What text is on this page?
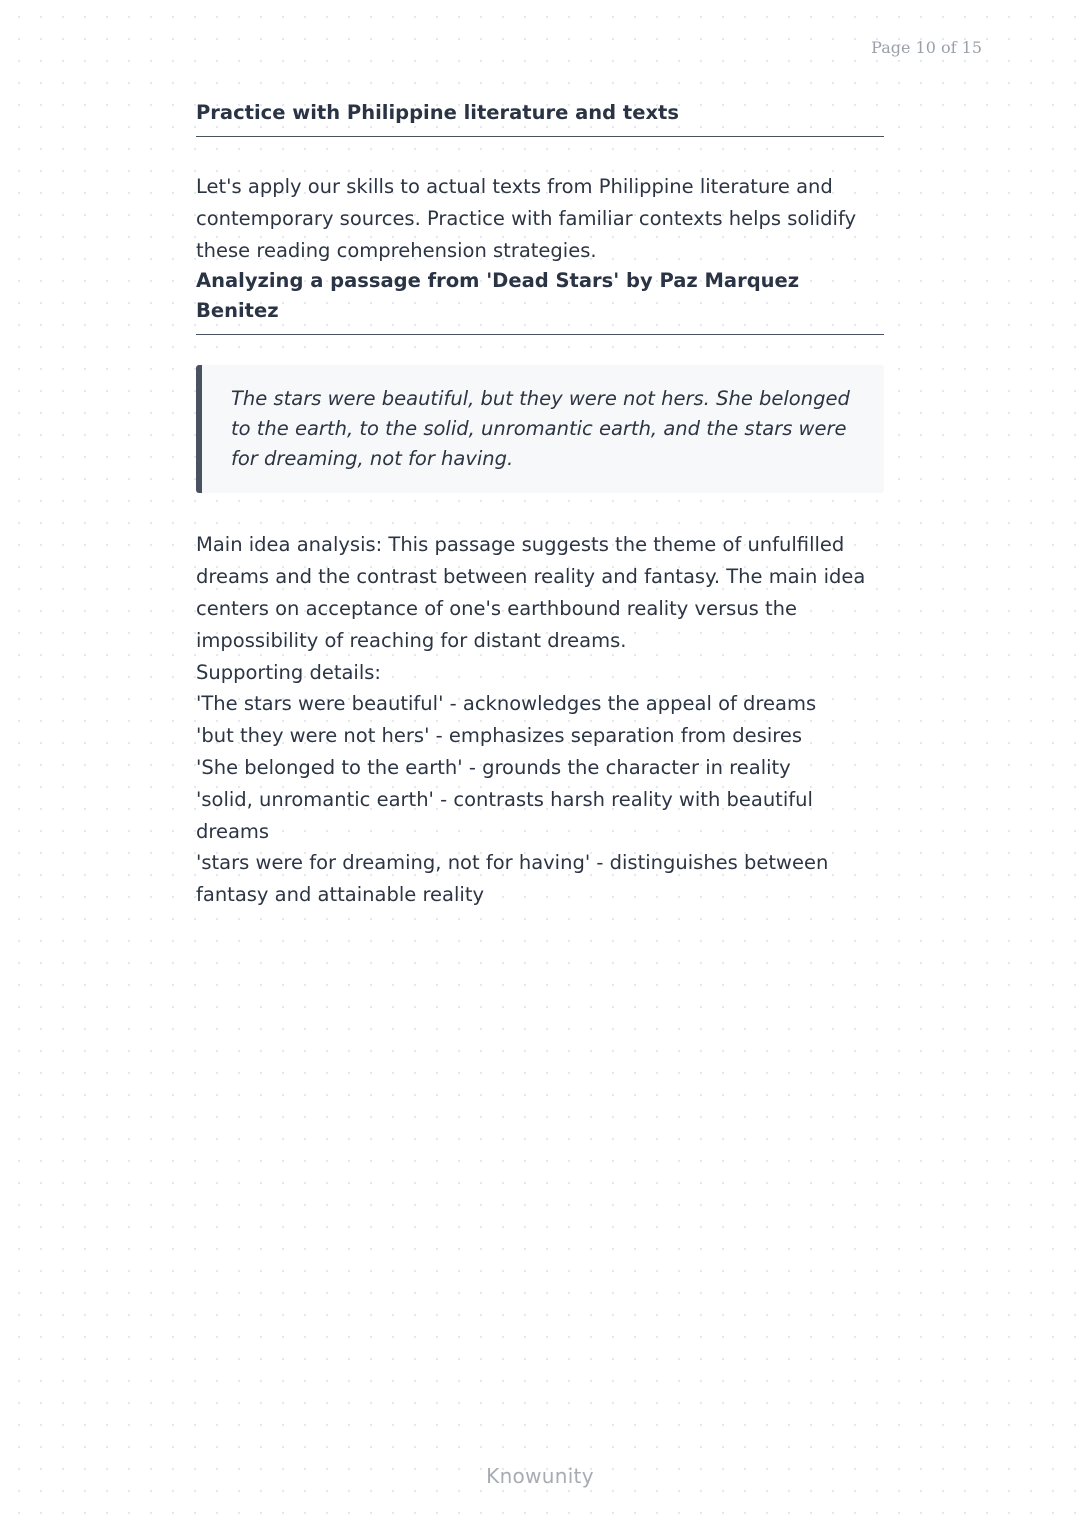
Page 10 of 15
Practice with Philippine literature and texts

Let's apply our skills to actual texts from Philippine literature and contemporary sources. Practice with familiar contexts helps solidify these reading comprehension strategies.

Analyzing a passage from 'Dead Stars' by Paz Marquez Benitez

The stars were beautiful, but they were not hers. She belonged to the earth, to the solid, unromantic earth, and the stars were for dreaming, not for having.

Main idea analysis: This passage suggests the theme of unfulfilled dreams and the contrast between reality and fantasy. The main idea centers on acceptance of one's earthbound reality versus the impossibility of reaching for distant dreams.

Supporting details:

'The stars were beautiful' - acknowledges the appeal of dreams

'but they were not hers' - emphasizes separation from desires

'She belonged to the earth' - grounds the character in reality

'solid, unromantic earth' - contrasts harsh reality with beautiful dreams

'stars were for dreaming, not for having' - distinguishes between fantasy and attainable reality

Knowunity
